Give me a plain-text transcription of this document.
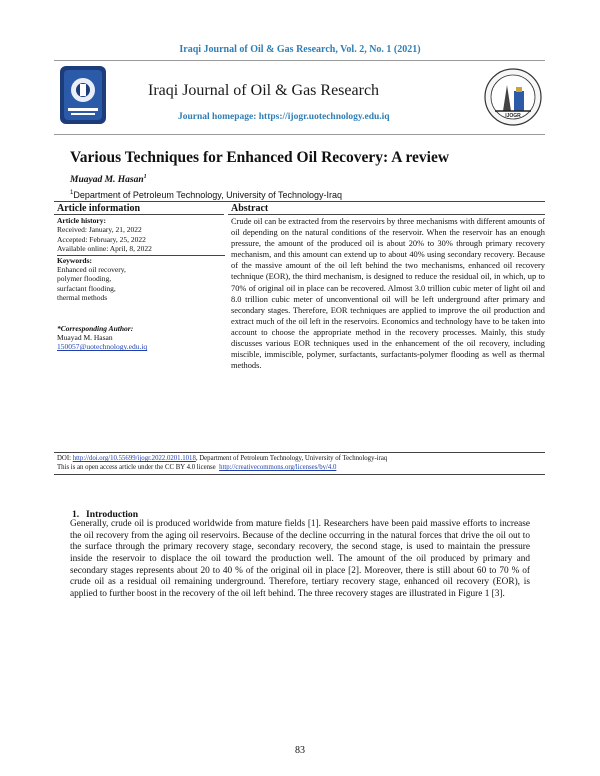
Iraqi Journal of Oil & Gas Research, Vol. 2, No. 1 (2021)
Iraqi Journal of Oil & Gas Research
Journal homepage: https://ijogr.uotechnology.edu.iq	IJOGR
Various Techniques for Enhanced Oil Recovery: A review
Muayad M. Hasan$^1$
$^1$Department of Petroleum Technology, University of Technology-Iraq
Article information	Abstract
Article history:
Received: January, 21, 2022
Accepted: February, 25, 2022
Available online: April, 8, 2022
Keywords:
Enhanced oil recovery,
polymer flooding,
surfactant flooding,
thermal methods
*Corresponding Author:
Muayad M. Hasan
150057@uotechnology.edu.iq
Crude oil can be extracted from the reservoirs by three mechanisms with different amounts of oil depending on the natural conditions of the reservoir. When the reservoir has an enough pressure, the amount of the produced oil is about 20% to 30% through primary recovery mechanism, and this amount can extend up to about 40% using secondary recovery. Because of the massive amount of the oil left behind the two mechanisms, enhanced oil recovery technique (EOR), the third mechanism, is designed to reduce the residual oil, in which, up to 70% of original oil in place can be recovered. Almost 3.0 trillion cubic meter of light oil and 8.0 trillion cubic meter of unconventional oil will be left underground after primary and secondary stages. Therefore, EOR techniques are applied to improve the oil production and extract much of the oil left in the reservoirs. Economics and technology have to be taken into account to choose the appropriate method in the recovery processes. Mainly, this study discusses various EOR techniques used in the enhancement of the oil recovery, including miscible, immiscible, polymer, surfactants, surfactants-polymer flooding as well as thermal methods.
DOI: http://doi.org/10.55699/ijogr.2022.0201.1018, Department of Petroleum Technology, University of Technology-iraq
This is an open access article under the CC BY 4.0 license http://creativecommons.org/licenses/by/4.0
1. Introduction
Generally, crude oil is produced worldwide from mature fields [1]. Researchers have been paid massive efforts to increase the oil recovery from the aging oil reservoirs. Because of the decline occurring in the natural forces that drive the oil out to the surface through the primary recovery stage, secondary recovery, the second stage, is used to maintain the pressure inside the reservoir to displace the oil toward the production well. The amount of the oil produced by primary and secondary stages represents about 20 to 40 % of the original oil in place [2]. Moreover, there is still about 60 to 70 % of crude oil as a residual oil remaining underground. Therefore, tertiary recovery stage, enhanced oil recovery (EOR), is applied to further boost in the recovery of the oil left behind. The three recovery stages are illustrated in Figure 1 [3].
83
